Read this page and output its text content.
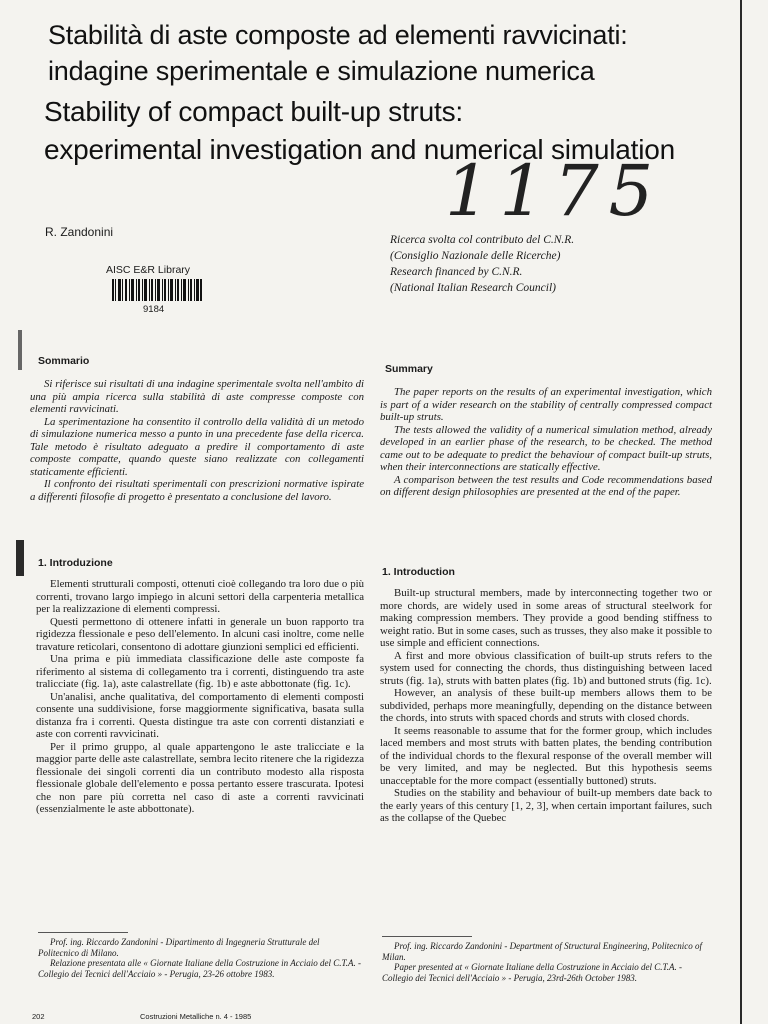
Stabilità di aste composte ad elementi ravvicinati:
indagine sperimentale e simulazione numerica
Stability of compact built-up struts:
experimental investigation and numerical simulation
1175
R. Zandonini
Ricerca svolta col contributo del C.N.R.
(Consiglio Nazionale delle Ricerche)
Research financed by C.N.R.
(National Italian Research Council)
AISC E&R Library
9184
Sommario

Si riferisce sui risultati di una indagine sperimentale svolta nell'ambito di una più ampia ricerca sulla stabilità di aste compresse composte con elementi ravvicinati.

La sperimentazione ha consentito il controllo della validità di un metodo di simulazione numerica messo a punto in una precedente fase della ricerca. Tale metodo è risultato adeguato a predire il comportamento di aste composte compatte, quando queste siano realizzate con collegamenti staticamente efficienti.

Il confronto dei risultati sperimentali con prescrizioni normative ispirate a differenti filosofie di progetto è presentato a conclusione del lavoro.

Summary

The paper reports on the results of an experimental investigation, which is part of a wider research on the stability of centrally compressed compact built-up struts.

The tests allowed the validity of a numerical simulation method, already developed in an earlier phase of the research, to be checked. The method came out to be adequate to predict the behaviour of compact built-up struts, when their interconnections are statically effective.

A comparison between the test results and Code recommendations based on different design philosophies are presented at the end of the paper.

1. Introduzione

Elementi strutturali composti, ottenuti cioè collegando tra loro due o più correnti, trovano largo impiego in alcuni settori della carpenteria metallica per la realizzazione di elementi compressi.

Questi permettono di ottenere infatti in generale un buon rapporto tra rigidezza flessionale e peso dell'elemento. In alcuni casi inoltre, come nelle travature reticolari, consentono di adottare giunzioni semplici ed efficienti.

Una prima e più immediata classificazione delle aste composte fa riferimento al sistema di collegamento tra i correnti, distinguendo tra aste tralicciate (fig. 1a), aste calastrellate (fig. 1b) e aste abbottonate (fig. 1c).

Un'analisi, anche qualitativa, del comportamento di elementi composti consente una suddivisione, forse maggiormente significativa, basata sulla distanza fra i correnti. Questa distingue tra aste con correnti distanziati e aste con correnti ravvicinati.

Per il primo gruppo, al quale appartengono le aste tralicciate e la maggior parte delle aste calastrellate, sembra lecito ritenere che la rigidezza flessionale dei singoli correnti dia un contributo modesto alla risposta flessionale globale dell'elemento e possa pertanto essere trascurata. Ipotesi che non pare più corretta nel caso di aste a correnti ravvicinati (essenzialmente le aste abbottonate).

1. Introduction

Built-up structural members, made by interconnecting together two or more chords, are widely used in some areas of structural steelwork for making compression members. They provide a good bending stiffness to weight ratio. But in some cases, such as trusses, they also make it possible to use simple and efficient connections.

A first and more obvious classification of built-up struts refers to the system used for connecting the chords, thus distinguishing between laced struts (fig. 1a), struts with batten plates (fig. 1b) and buttoned struts (fig. 1c).

However, an analysis of these built-up members allows them to be subdivided, perhaps more meaningfully, depending on the distance between the chords, into struts with spaced chords and struts with closed chords.

It seems reasonable to assume that for the former group, which includes laced members and most struts with batten plates, the bending contribution of the individual chords to the flexural response of the overall member will be very limited, and may be neglected. But this hypothesis seems unacceptable for the more compact (essentially buttoned) struts.

Studies on the stability and behaviour of built-up members date back to the early years of this century [1, 2, 3], when certain important failures, such as the collapse of the Quebec

Prof. ing. Riccardo Zandonini - Dipartimento di Ingegneria Strutturale del Politecnico di Milano.

Relazione presentata alle « Giornate Italiane della Costruzione in Acciaio del C.T.A. - Collegio dei Tecnici dell'Acciaio » - Perugia, 23-26 ottobre 1983.

Prof. ing. Riccardo Zandonini - Department of Structural Engineering, Politecnico of Milan.

Paper presented at « Giornate Italiane della Costruzione in Acciaio del C.T.A. - Collegio dei Tecnici dell'Acciaio » - Perugia, 23rd-26th October 1983.

202	Costruzioni Metalliche n. 4 - 1985
